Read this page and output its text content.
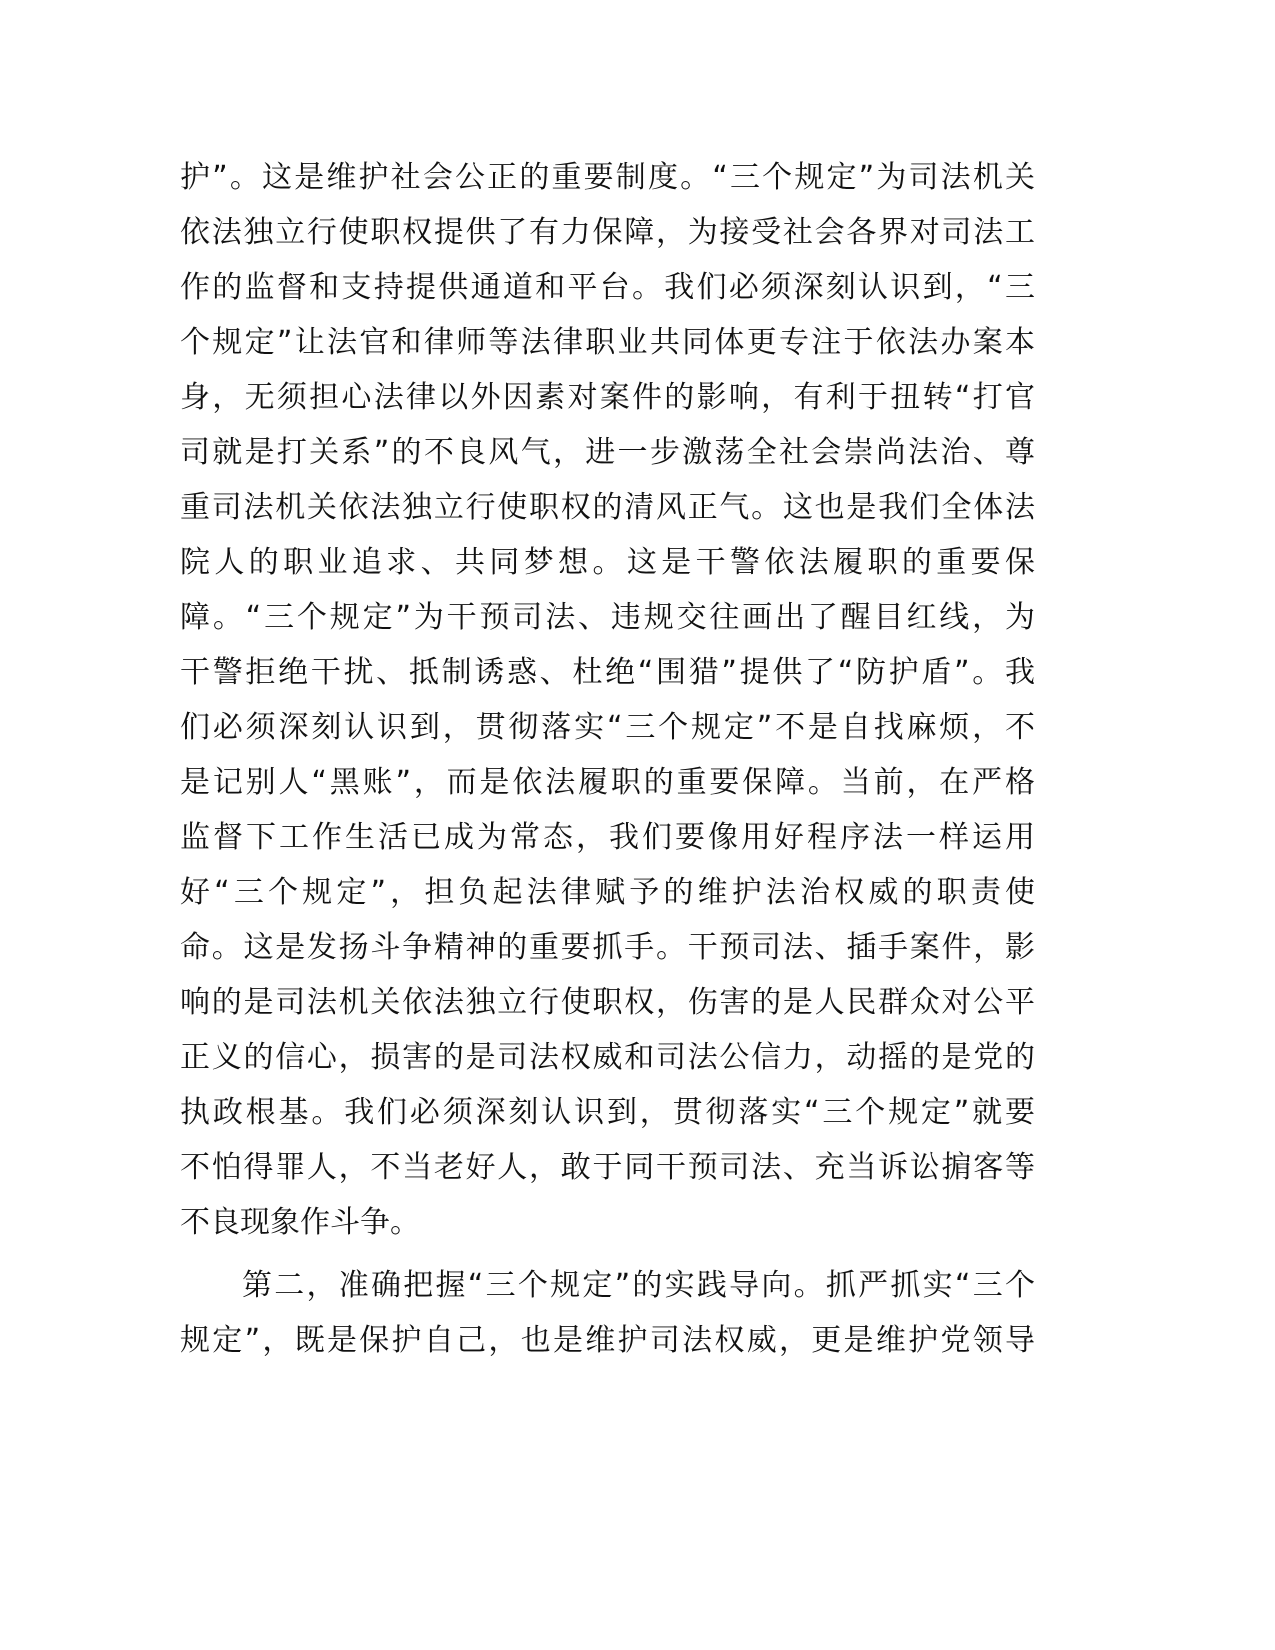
护”。这是维护社会公正的重要制度。“三个规定”为司法机关
依法独立行使职权提供了有力保障，为接受社会各界对司法工
作的监督和支持提供通道和平台。我们必须深刻认识到，“三
个规定”让法官和律师等法律职业共同体更专注于依法办案本
身，无须担心法律以外因素对案件的影响，有利于扭转“打官
司就是打关系”的不良风气，进一步激荡全社会崇尚法治、尊
重司法机关依法独立行使职权的清风正气。这也是我们全体法
院人的职业追求、共同梦想。这是干警依法履职的重要保
障。“三个规定”为干预司法、违规交往画出了醒目红线，为
干警拒绝干扰、抵制诱惑、杜绝“围猎”提供了“防护盾”。我
们必须深刻认识到，贯彻落实“三个规定”不是自找麻烦，不
是记别人“黑账”，而是依法履职的重要保障。当前，在严格
监督下工作生活已成为常态，我们要像用好程序法一样运用
好“三个规定”，担负起法律赋予的维护法治权威的职责使
命。这是发扬斗争精神的重要抓手。干预司法、插手案件，影
响的是司法机关依法独立行使职权，伤害的是人民群众对公平
正义的信心，损害的是司法权威和司法公信力，动摇的是党的
执政根基。我们必须深刻认识到，贯彻落实“三个规定”就要
不怕得罪人，不当老好人，敢于同干预司法、充当诉讼掮客等
不良现象作斗争。
第二，准确把握“三个规定”的实践导向。抓严抓实“三个
规定”，既是保护自己，也是维护司法权威，更是维护党领导
